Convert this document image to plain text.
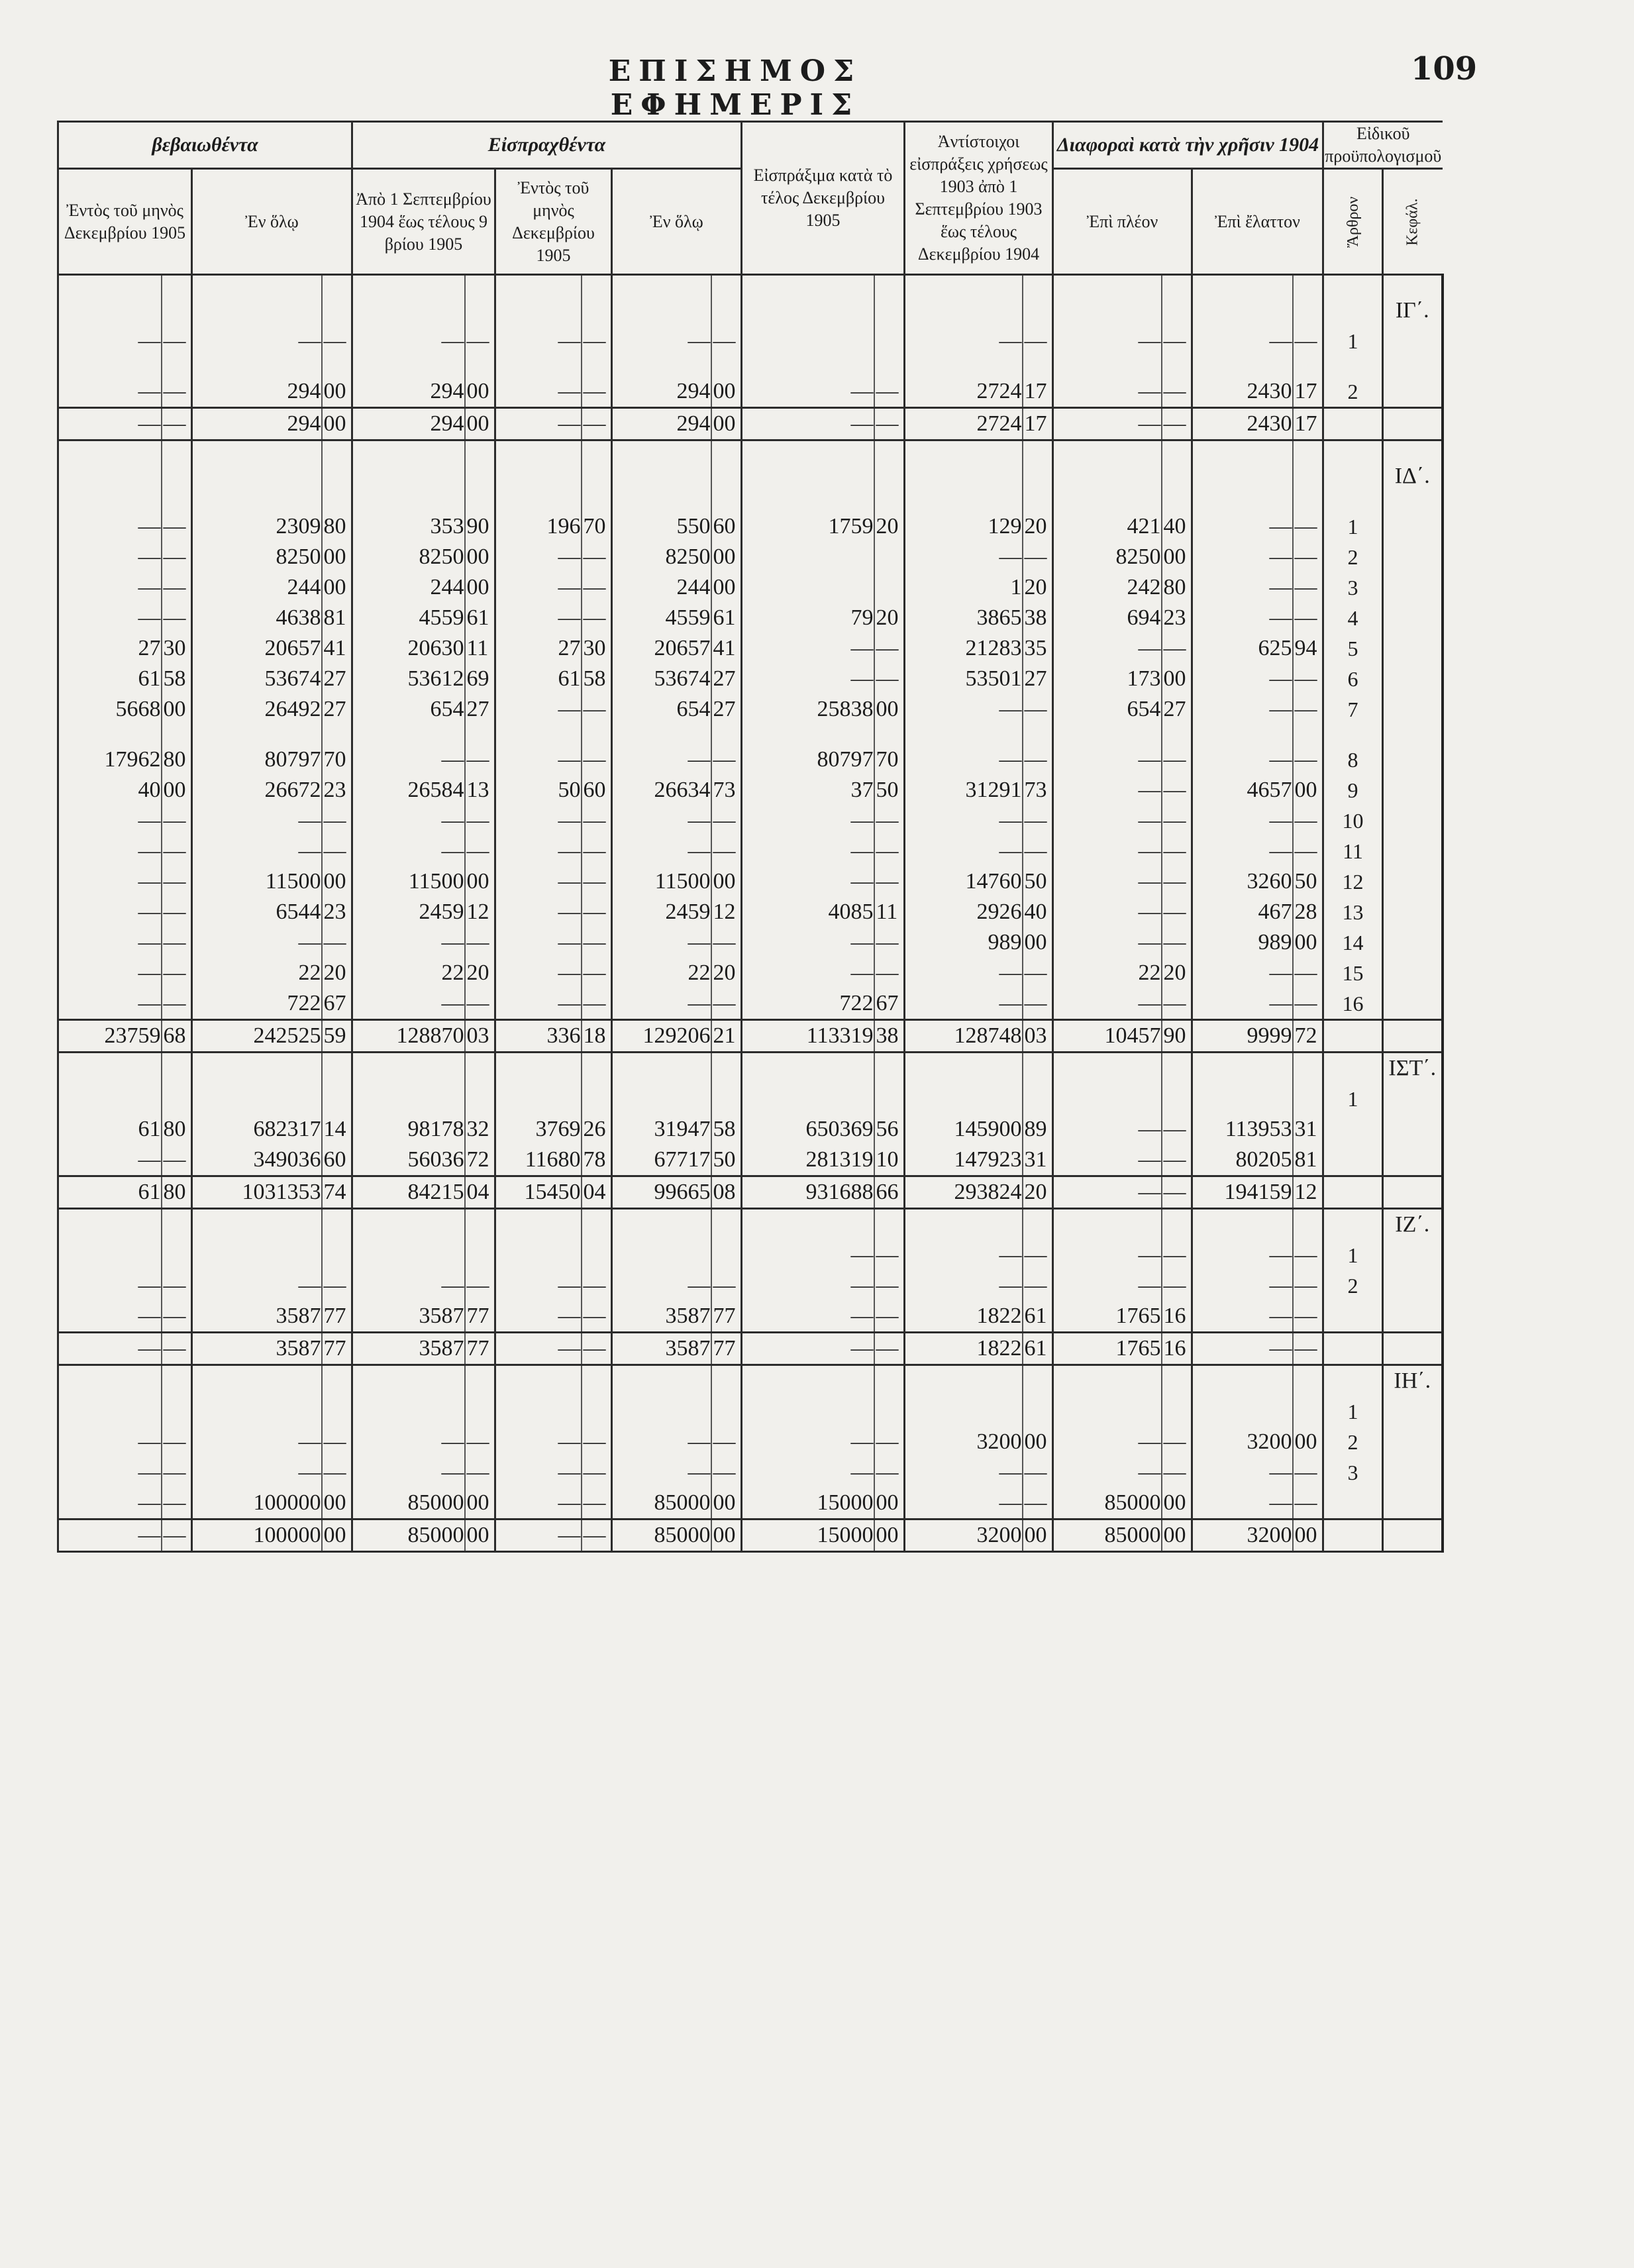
ΕΠΙΣΗΜΟΣ ΕΦΗΜΕΡΙΣ
109
βεβαιωθέντα				Εἰσπραχθέντα						Εἰσπράξιμα κατὰ τὸ τέλος Δεκεμβρίου 1905		Ἀντίστοιχοι εἰσπράξεις χρήσεως 1903 ἀπὸ 1 Σεπτεμβρίου 1903 ἕως τέλους Δεκεμβρίου 1904		Διαφοραὶ κατὰ τὴν χρῆσιν 1904				Εἰδικοῦ προϋπολογισμοῦ	
Ἐντὸς τοῦ μηνὸς Δεκεμβρίου 1905		Ἐν ὅλῳ		Ἀπὸ 1 Σεπτεμβρίου 1904 ἕως τέλους 9 βρίου 1905		Ἐντὸς τοῦ μηνὸς Δεκεμβρίου 1905		Ἐν ὅλῳ						Ἐπὶ πλέον		Ἐπὶ ἔλαττον		Ἄρθρον	Κεφάλ.

																			ΙΓ΄.
—	—	—	—	—	—	—	—	—	—			—	—	—	—	—	—	1	

—	—	294	00	294	00	—	—	294	00	—	—	2724	17	—	—	2430	17	2	
—	—	294	00	294	00	—	—	294	00	—	—	2724	17	—	—	2430	17		

																			ΙΔ΄.

—	—	2309	80	353	90	196	70	550	60	1759	20	129	20	421	40	—	—	1	
—	—	8250	00	8250	00	—	—	8250	00			—	—	8250	00	—	—	2	
—	—	244	00	244	00	—	—	244	00			1	20	242	80	—	—	3	
—	—	4638	81	4559	61	—	—	4559	61	79	20	3865	38	694	23	—	—	4	
27	30	20657	41	20630	11	27	30	20657	41	—	—	21283	35	—	—	625	94	5	
61	58	53674	27	53612	69	61	58	53674	27	—	—	53501	27	173	00	—	—	6	
5668	00	26492	27	654	27	—	—	654	27	25838	00	—	—	654	27	—	—	7	

17962	80	80797	70	—	—	—	—	—	—	80797	70	—	—	—	—	—	—	8	
40	00	26672	23	26584	13	50	60	26634	73	37	50	31291	73	—	—	4657	00	9	
—	—	—	—	—	—	—	—	—	—	—	—	—	—	—	—	—	—	10	
—	—	—	—	—	—	—	—	—	—	—	—	—	—	—	—	—	—	11	
—	—	11500	00	11500	00	—	—	11500	00	—	—	14760	50	—	—	3260	50	12	
—	—	6544	23	2459	12	—	—	2459	12	4085	11	2926	40	—	—	467	28	13	
—	—	—	—	—	—	—	—	—	—	—	—	989	00	—	—	989	00	14	
—	—	22	20	22	20	—	—	22	20	—	—	—	—	22	20	—	—	15	
—	—	722	67	—	—	—	—	—	—	722	67	—	—	—	—	—	—	16	
23759	68	242525	59	128870	03	336	18	129206	21	113319	38	128748	03	10457	90	9999	72		
																			ΙΣΤ΄.
																		1	
61	80	682317	14	98178	32	3769	26	31947	58	650369	56	145900	89	—	—	113953	31		
—	—	349036	60	56036	72	11680	78	67717	50	281319	10	147923	31	—	—	80205	81		
61	80	1031353	74	84215	04	15450	04	99665	08	931688	66	293824	20	—	—	194159	12		
																			ΙΖ΄.
										—	—	—	—	—	—	—	—	1	
—	—	—	—	—	—	—	—	—	—	—	—	—	—	—	—	—	—	2	
—	—	3587	77	3587	77	—	—	3587	77	—	—	1822	61	1765	16	—	—		
—	—	3587	77	3587	77	—	—	3587	77	—	—	1822	61	1765	16	—	—		
																			ΙΗ΄.
																		1	
—	—	—	—	—	—	—	—	—	—	—	—	3200	00	—	—	3200	00	2	
—	—	—	—	—	—	—	—	—	—	—	—	—	—	—	—	—	—	3	
—	—	100000	00	85000	00	—	—	85000	00	15000	00	—	—	85000	00	—	—		
—	—	100000	00	85000	00	—	—	85000	00	15000	00	3200	00	85000	00	3200	00		
